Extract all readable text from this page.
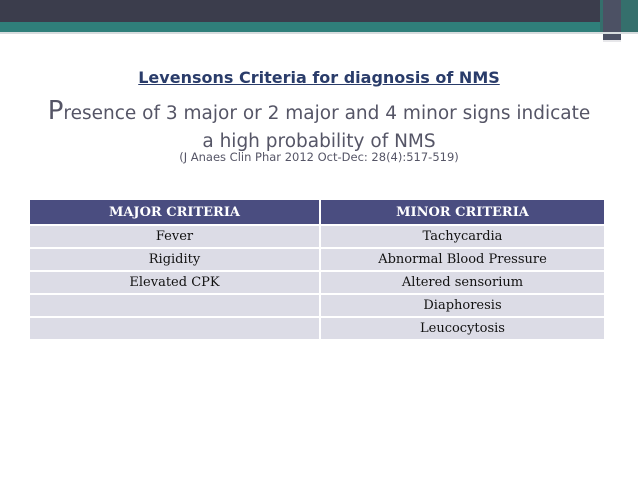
Levensons Criteria for diagnosis of NMS
Presence of 3 major or 2 major and 4 minor signs indicate
a high probability of NMS
(J Anaes Clin Phar 2012 Oct-Dec: 28(4):517-519)
MAJOR CRITERIA	MINOR CRITERIA
Fever	Tachycardia
Rigidity	Abnormal Blood Pressure
Elevated CPK	Altered sensorium
	Diaphoresis
	Leucocytosis
